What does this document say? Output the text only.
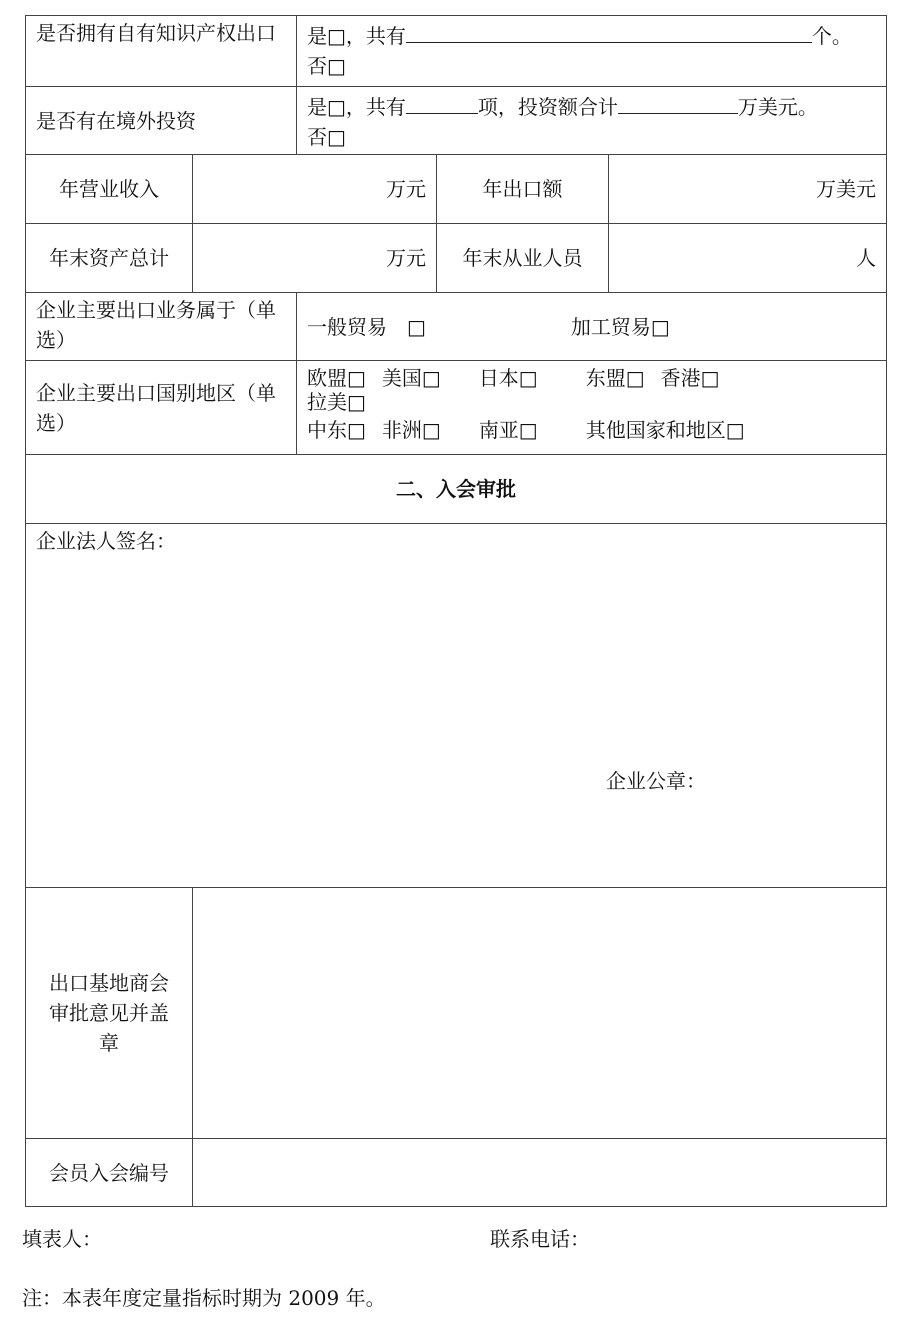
是否拥有自有知识产权出口		是□，共有 个。
否□		

是否有在境外投资		是□，共有 项，投资额合计 万美元。
否□		

年营业收入	万元		年出口额	万美元
年末资产总计	万元		年末从业人员	人
企业主要出口业务属于（单选）		一般贸易　□ 加工贸易□		
企业主要出口国别地区（单选）		欧盟□ 美国□ 日本□ 东盟□ 香港□
拉美□
中东□ 非洲□ 南亚□ 其他国家和地区□		

二、入会审批				

企业法人签名：
企业公章：				

出口基地商会审批意见并盖章				
会员入会编号				
填表人：	联系电话：
注：本表年度定量指标时期为 2009 年。
